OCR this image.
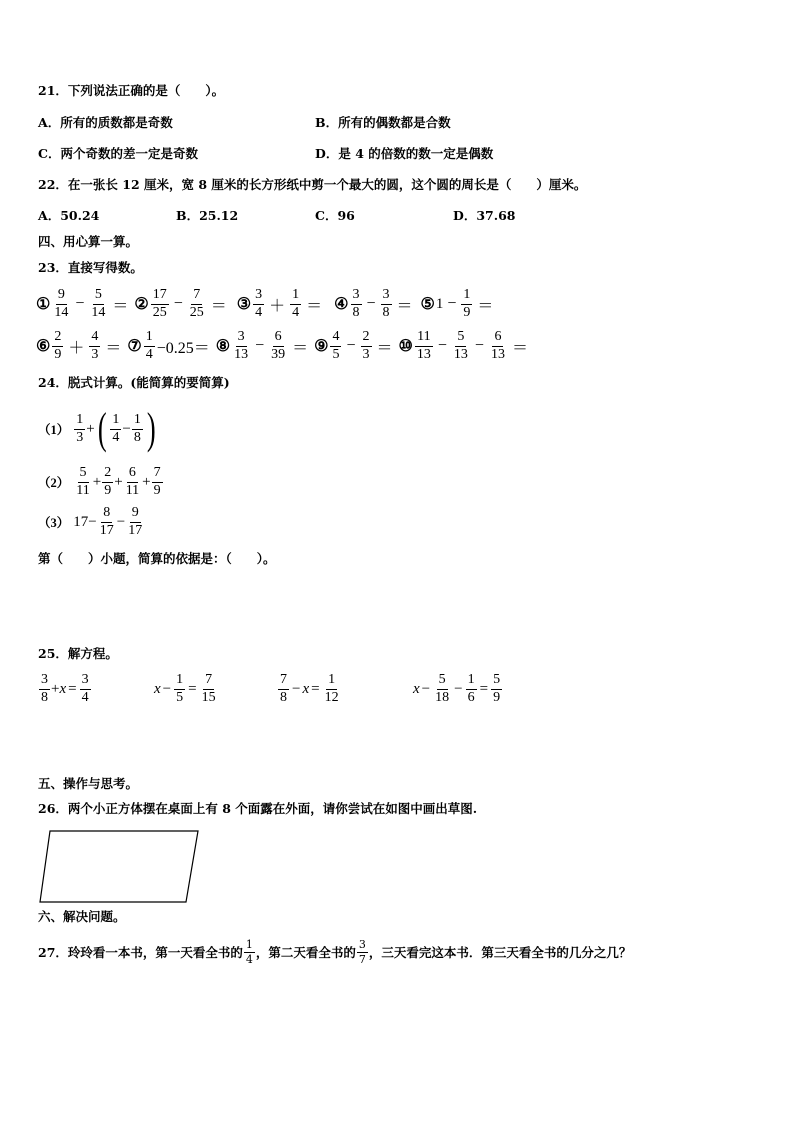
21．下列说法正确的是（　　）。
A．所有的质数都是奇数	B．所有的偶数都是合数
C．两个奇数的差一定是奇数	D．是 4 的倍数的数一定是偶数
22．在一张长 12 厘米，宽 8 厘米的长方形纸中剪一个最大的圆，这个圆的周长是（　　）厘米。
A．50.24	B．25.12	C．96	D．37.68
四、用心算一算。
23．直接写得数。
① $\frac{9}{14} - \frac{5}{14}$ ＝ ② $\frac{17}{25} - \frac{7}{25}$ ＝ ③ $\frac{3}{4} + \frac{1}{4}$ ＝ ④ $\frac{3}{8} - \frac{3}{8}$ ＝ ⑤ $1 - \frac{1}{9}$ ＝
⑥ $\frac{2}{9} + \frac{4}{3}$ ＝ ⑦ $\frac{1}{4} -0.25=$ ⑧ $\frac{3}{13} - \frac{6}{39}$ ＝ ⑨ $\frac{4}{5} - \frac{2}{3}$ ＝ ⑩ $\frac{11}{13} - \frac{5}{13} - \frac{6}{13}$ ＝
24．脱式计算。(能简算的要简算)
$(1) \frac{1}{3}$ + ( $\frac{1}{4} - \frac{1}{8}$ )
$(2) \frac{5}{11} + \frac{2}{9} + \frac{6}{11} + \frac{7}{9}$
（3） $17- \frac{8}{17} - \frac{9}{17}$
第（　　）小题，简算的依据是：（　　）。
25．解方程。
$\frac{3}{8} + x = \frac{3}{4}$	$x - \frac{1}{5} = \frac{7}{15}$	$\frac{7}{8} - x = \frac{1}{12}$	$x - \frac{5}{18} - \frac{1}{6} = \frac{5}{9}$
五、操作与思考。
26．两个小正方体摆在桌面上有 8 个面露在外面，请你尝试在如图中画出草图.
六、解决问题。
27．玲玲看一本书，第一天看全书的 $\frac{1}{4}$ ，第二天看全书的 $\frac{3}{7}$ ，三天看完这本书．第三天看全书的几分之几？
